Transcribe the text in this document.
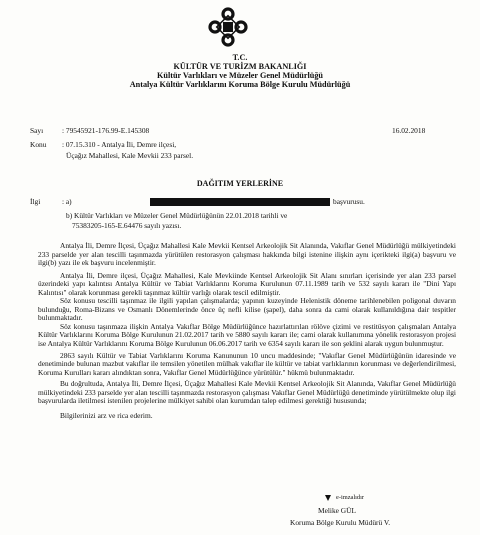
T.C.
KÜLTÜR VE TURİZM BAKANLIĞI
Kültür Varlıkları ve Müzeler Genel Müdürlüğü
Antalya Kültür Varlıklarını Koruma Bölge Kurulu Müdürlüğü
Sayı	: 79545921-176.99-E.145308	16.02.2018
Konu : 07.15.310 - Antalya İli, Demre ilçesi,
Üçağız Mahallesi, Kale Mevkii 233 parsel.
DAĞITIM YERLERİNE
İlgi	: a)	başvurusu.
b) Kültür Varlıkları ve Müzeler Genel Müdürlüğünün 22.01.2018 tarihli ve
75383205-165-E.64476 sayılı yazısı.

Antalya İli, Demre İlçesi, Üçağız Mahallesi Kale Mevkii Kentsel Arkeolojik Sit Alanında, Vakıflar Genel Müdürlüğü mülkiyetindeki 233 parselde yer alan tescilli taşınmazda yürütülen restorasyon çalışması hakkında bilgi istenine ilişkin aynı içerikteki ilgi(a) başvuru ve ilgi(b) yazı ile ek başvuru incelenmiştir.

Antalya İli, Demre ilçesi, Üçağız Mahallesi, Kale Mevkiinde Kentsel Arkeolojik Sit Alanı sınırları içerisinde yer alan 233 parsel üzerindeki yapı kalıntısı Antalya Kültür ve Tabiat Varlıklarını Koruma Kurulunun 07.11.1989 tarih ve 532 sayılı kararı ile "Dini Yapı Kalıntısı" olarak korunması gerekli taşınmaz kültür varlığı olarak tescil edilmiştir.

Söz konusu tescilli taşınmaz ile ilgili yapılan çalışmalarda; yapının kuzeyinde Helenistik döneme tarihlenebilen poligonal duvarın bulunduğu, Roma-Bizans ve Osmanlı Dönemlerinde önce üç nefli kilise (şapel), daha sonra da cami olarak kullanıldığına dair tespitler bulunmaktadır.

Söz konusu taşınmaza ilişkin Antalya Vakıflar Bölge Müdürlüğünce hazırlattırılan rölöve çizimi ve restitüsyon çalışmaları Antalya Kültür Varlıklarını Koruma Bölge Kurulunun 21.02.2017 tarih ve 5880 sayılı kararı ile; cami olarak kullanımına yönelik restorasyon projesi ise Antalya Kültür Varlıklarını Koruma Bölge Kurulunun 06.06.2017 tarih ve 6354 sayılı kararı ile son şeklini alarak uygun bulunmuştur.

2863 sayılı Kültür ve Tabiat Varlıklarını Koruma Kanununun 10 uncu maddesinde; "Vakıflar Genel Müdürlüğünün idaresinde ve denetiminde bulunan mazbut vakıflar ile temsilen yönetilen mülhak vakıflar ile kültür ve tabiat varlıklarının korunması ve değerlendirilmesi, Koruma Kurulları kararı alındıktan sonra, Vakıflar Genel Müdürlüğünce yürütülür." hükmü bulunmaktadır.

Bu doğrultuda, Antalya İli, Demre İlçesi, Üçağız Mahallesi Kale Mevkii Kentsel Arkeolojik Sit Alanında, Vakıflar Genel Müdürlüğü mülkiyetindeki 233 parselde yer alan tescilli taşınmazda restorasyon çalışması Vakıflar Genel Müdürlüğü denetiminde yürütülmekte olup ilgi başvurularda iletilmesi istenilen projelerine mülkiyet sahibi olan kurumdan talep edilmesi gerektiği hususunda;

Bilgilerinizi arz ve rica ederim.

e-imzalıdır
Melike GÜL
Koruma Bölge Kurulu Müdürü V.
